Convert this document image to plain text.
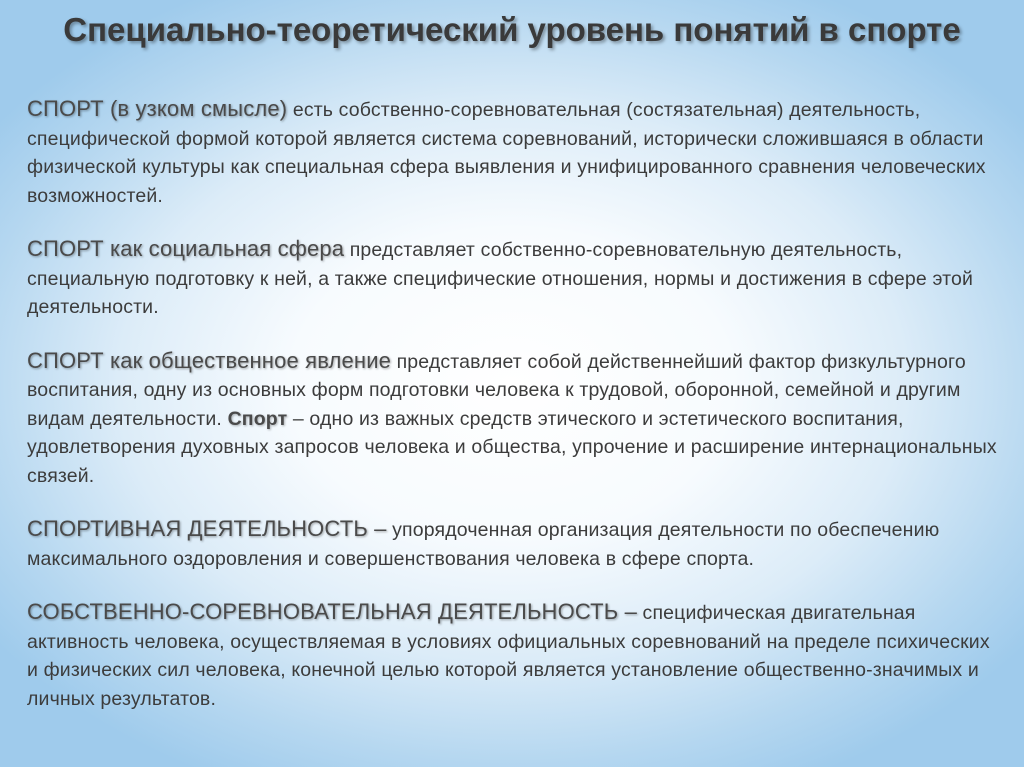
Специально-теоретический уровень понятий в спорте

СПОРТ (в узком смысле) есть собственно-соревновательная (состязательная) деятельность, специфической формой которой является система соревнований, исторически сложившаяся в области физической культуры как специальная сфера выявления и унифицированного сравнения человеческих возможностей.

СПОРТ как социальная сфера представляет собственно-соревновательную деятельность, специальную подготовку к ней, а также специфические отношения, нормы и достижения в сфере этой деятельности.

СПОРТ как общественное явление представляет собой действеннейший фактор физкультурного воспитания, одну из основных форм подготовки человека к трудовой, оборонной, семейной и другим видам деятельности. Спорт – одно из важных средств этического и эстетического воспитания, удовлетворения духовных запросов человека и общества, упрочение и расширение интернациональных связей.

СПОРТИВНАЯ ДЕЯТЕЛЬНОСТЬ – упорядоченная организация деятельности по обеспечению максимального оздоровления и совершенствования человека в сфере спорта.

СОБСТВЕННО-СОРЕВНОВАТЕЛЬНАЯ ДЕЯТЕЛЬНОСТЬ – специфическая двигательная активность человека, осуществляемая в условиях официальных соревнований на пределе психических и физических сил человека, конечной целью которой является установление общественно-значимых и личных результатов.
